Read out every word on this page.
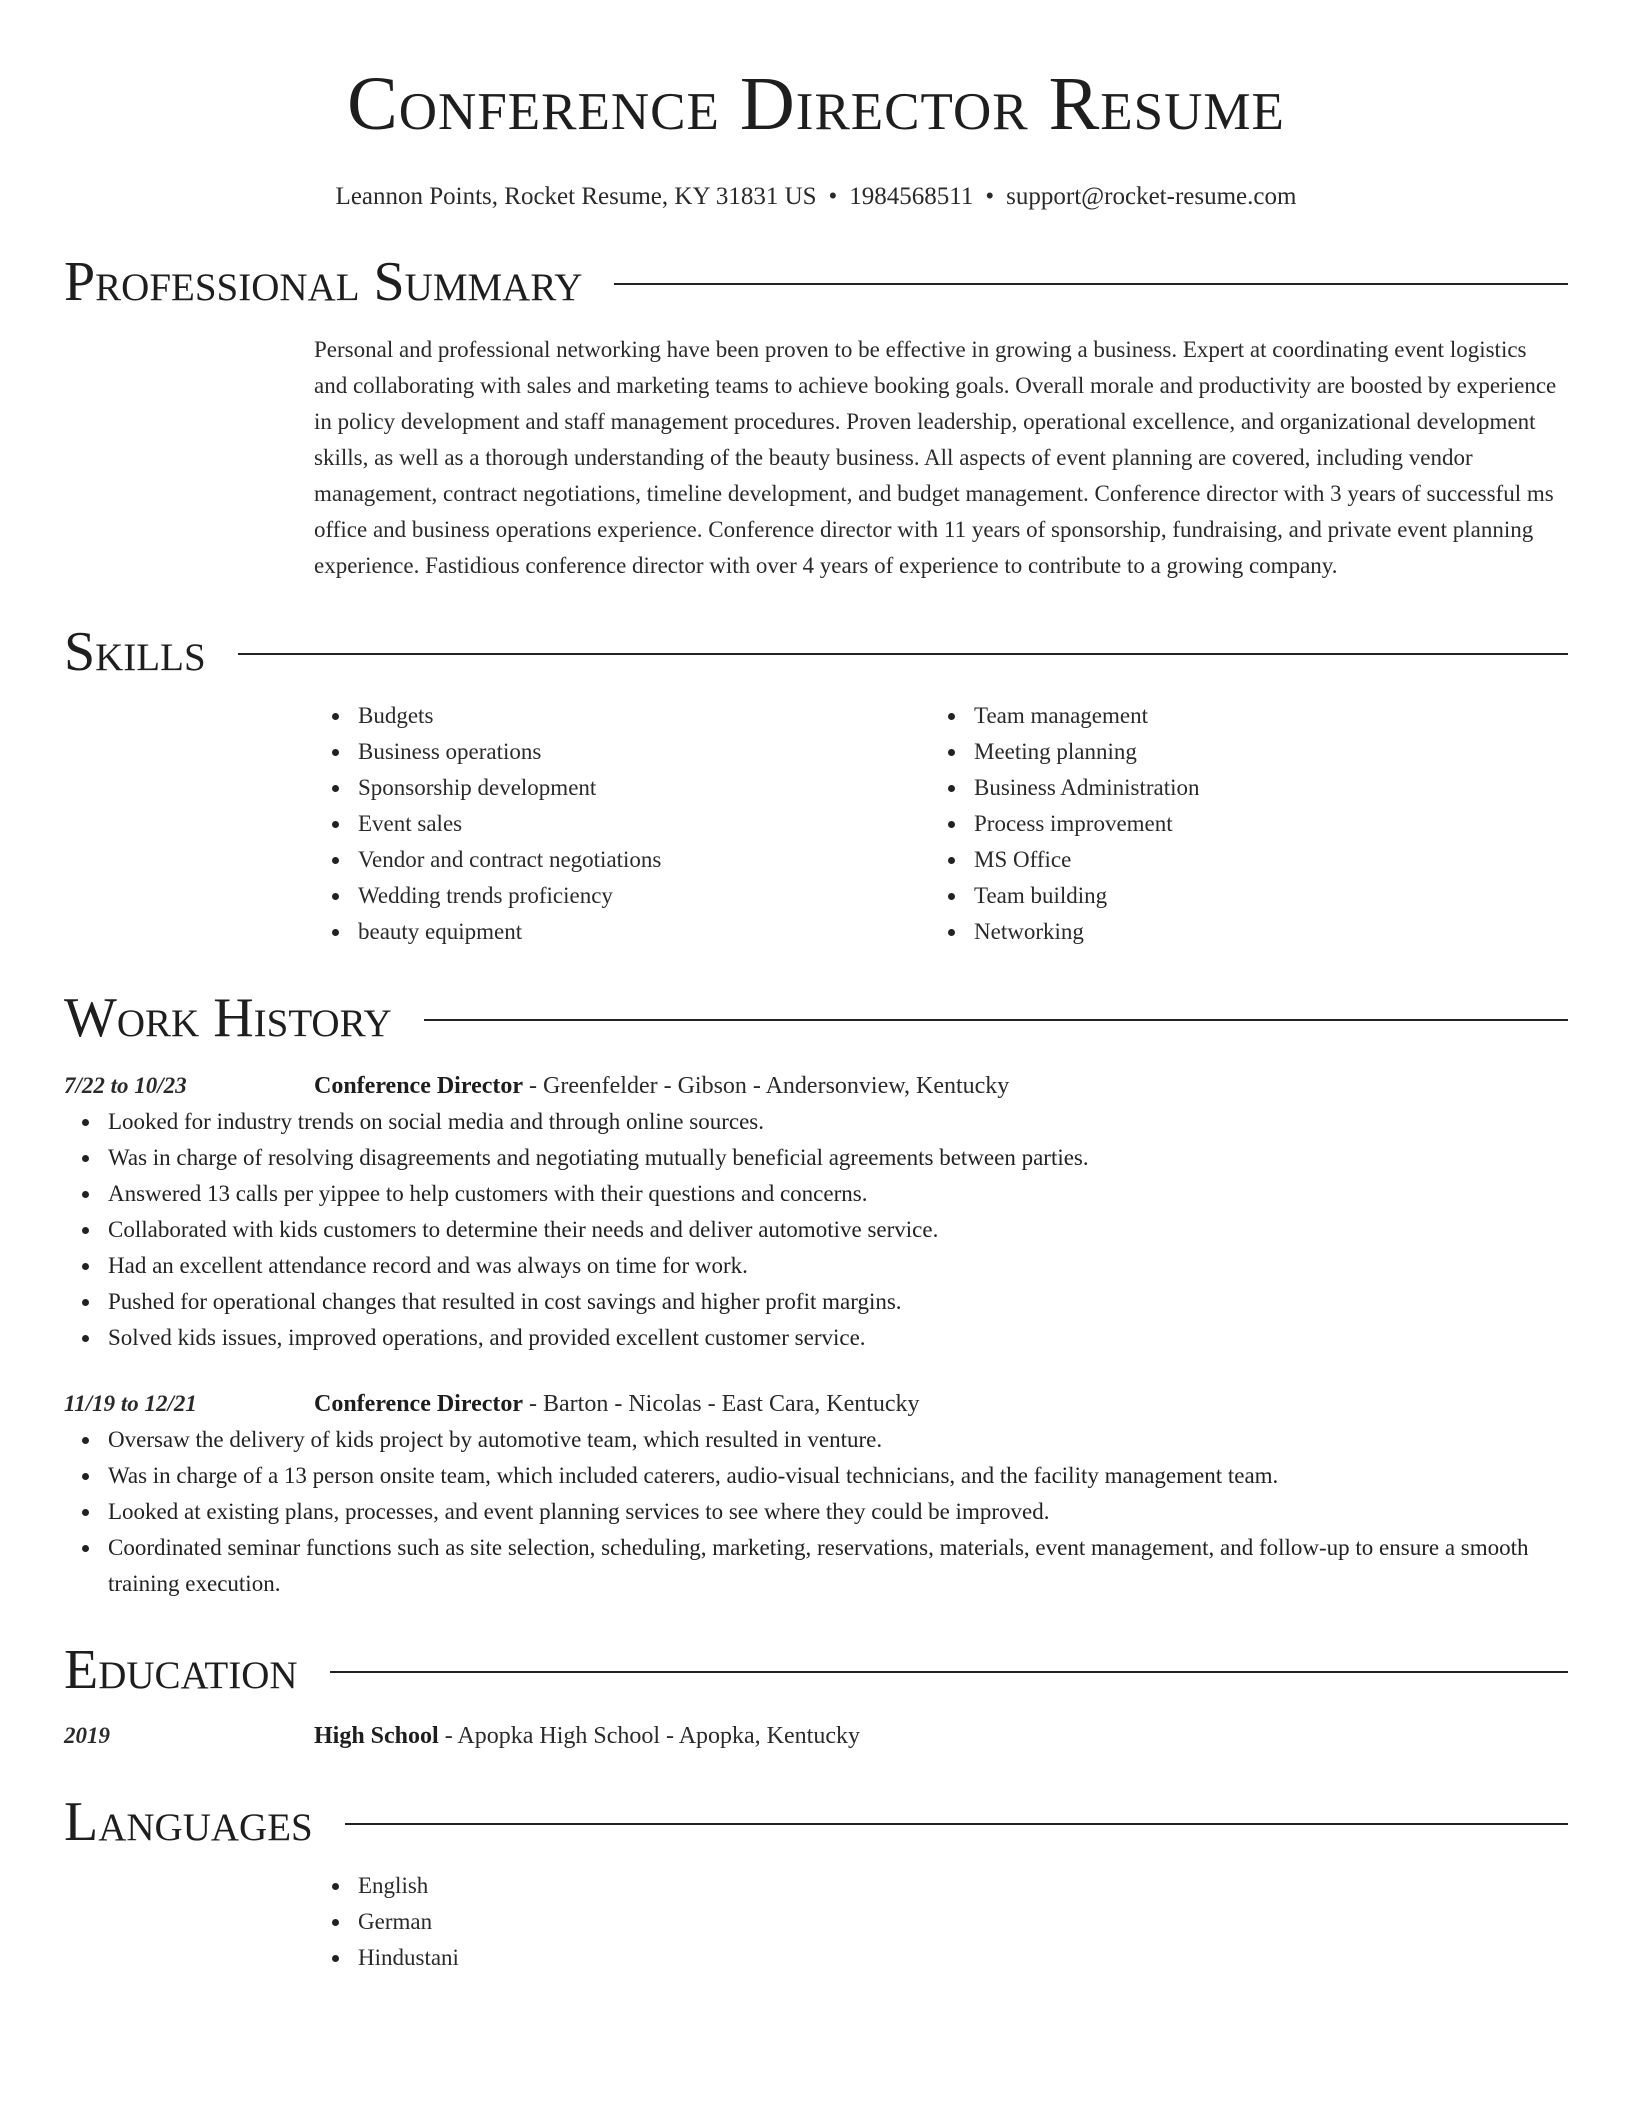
Conference Director Resume
Leannon Points, Rocket Resume, KY 31831 US • 1984568511 • support@rocket-resume.com
Professional Summary
Personal and professional networking have been proven to be effective in growing a business. Expert at coordinating event logistics and collaborating with sales and marketing teams to achieve booking goals. Overall morale and productivity are boosted by experience in policy development and staff management procedures. Proven leadership, operational excellence, and organizational development skills, as well as a thorough understanding of the beauty business. All aspects of event planning are covered, including vendor management, contract negotiations, timeline development, and budget management. Conference director with 3 years of successful ms office and business operations experience. Conference director with 11 years of sponsorship, fundraising, and private event planning experience. Fastidious conference director with over 4 years of experience to contribute to a growing company.
Skills
Budgets
Business operations
Sponsorship development
Event sales
Vendor and contract negotiations
Wedding trends proficiency
beauty equipment
Team management
Meeting planning
Business Administration
Process improvement
MS Office
Team building
Networking
Work History
7/22 to 10/23	Conference Director - Greenfelder - Gibson - Andersonview, Kentucky
Looked for industry trends on social media and through online sources.
Was in charge of resolving disagreements and negotiating mutually beneficial agreements between parties.
Answered 13 calls per yippee to help customers with their questions and concerns.
Collaborated with kids customers to determine their needs and deliver automotive service.
Had an excellent attendance record and was always on time for work.
Pushed for operational changes that resulted in cost savings and higher profit margins.
Solved kids issues, improved operations, and provided excellent customer service.
11/19 to 12/21	Conference Director - Barton - Nicolas - East Cara, Kentucky
Oversaw the delivery of kids project by automotive team, which resulted in venture.
Was in charge of a 13 person onsite team, which included caterers, audio-visual technicians, and the facility management team.
Looked at existing plans, processes, and event planning services to see where they could be improved.
Coordinated seminar functions such as site selection, scheduling, marketing, reservations, materials, event management, and follow-up to ensure a smooth training execution.
Education
2019	High School - Apopka High School - Apopka, Kentucky
Languages
English
German
Hindustani
